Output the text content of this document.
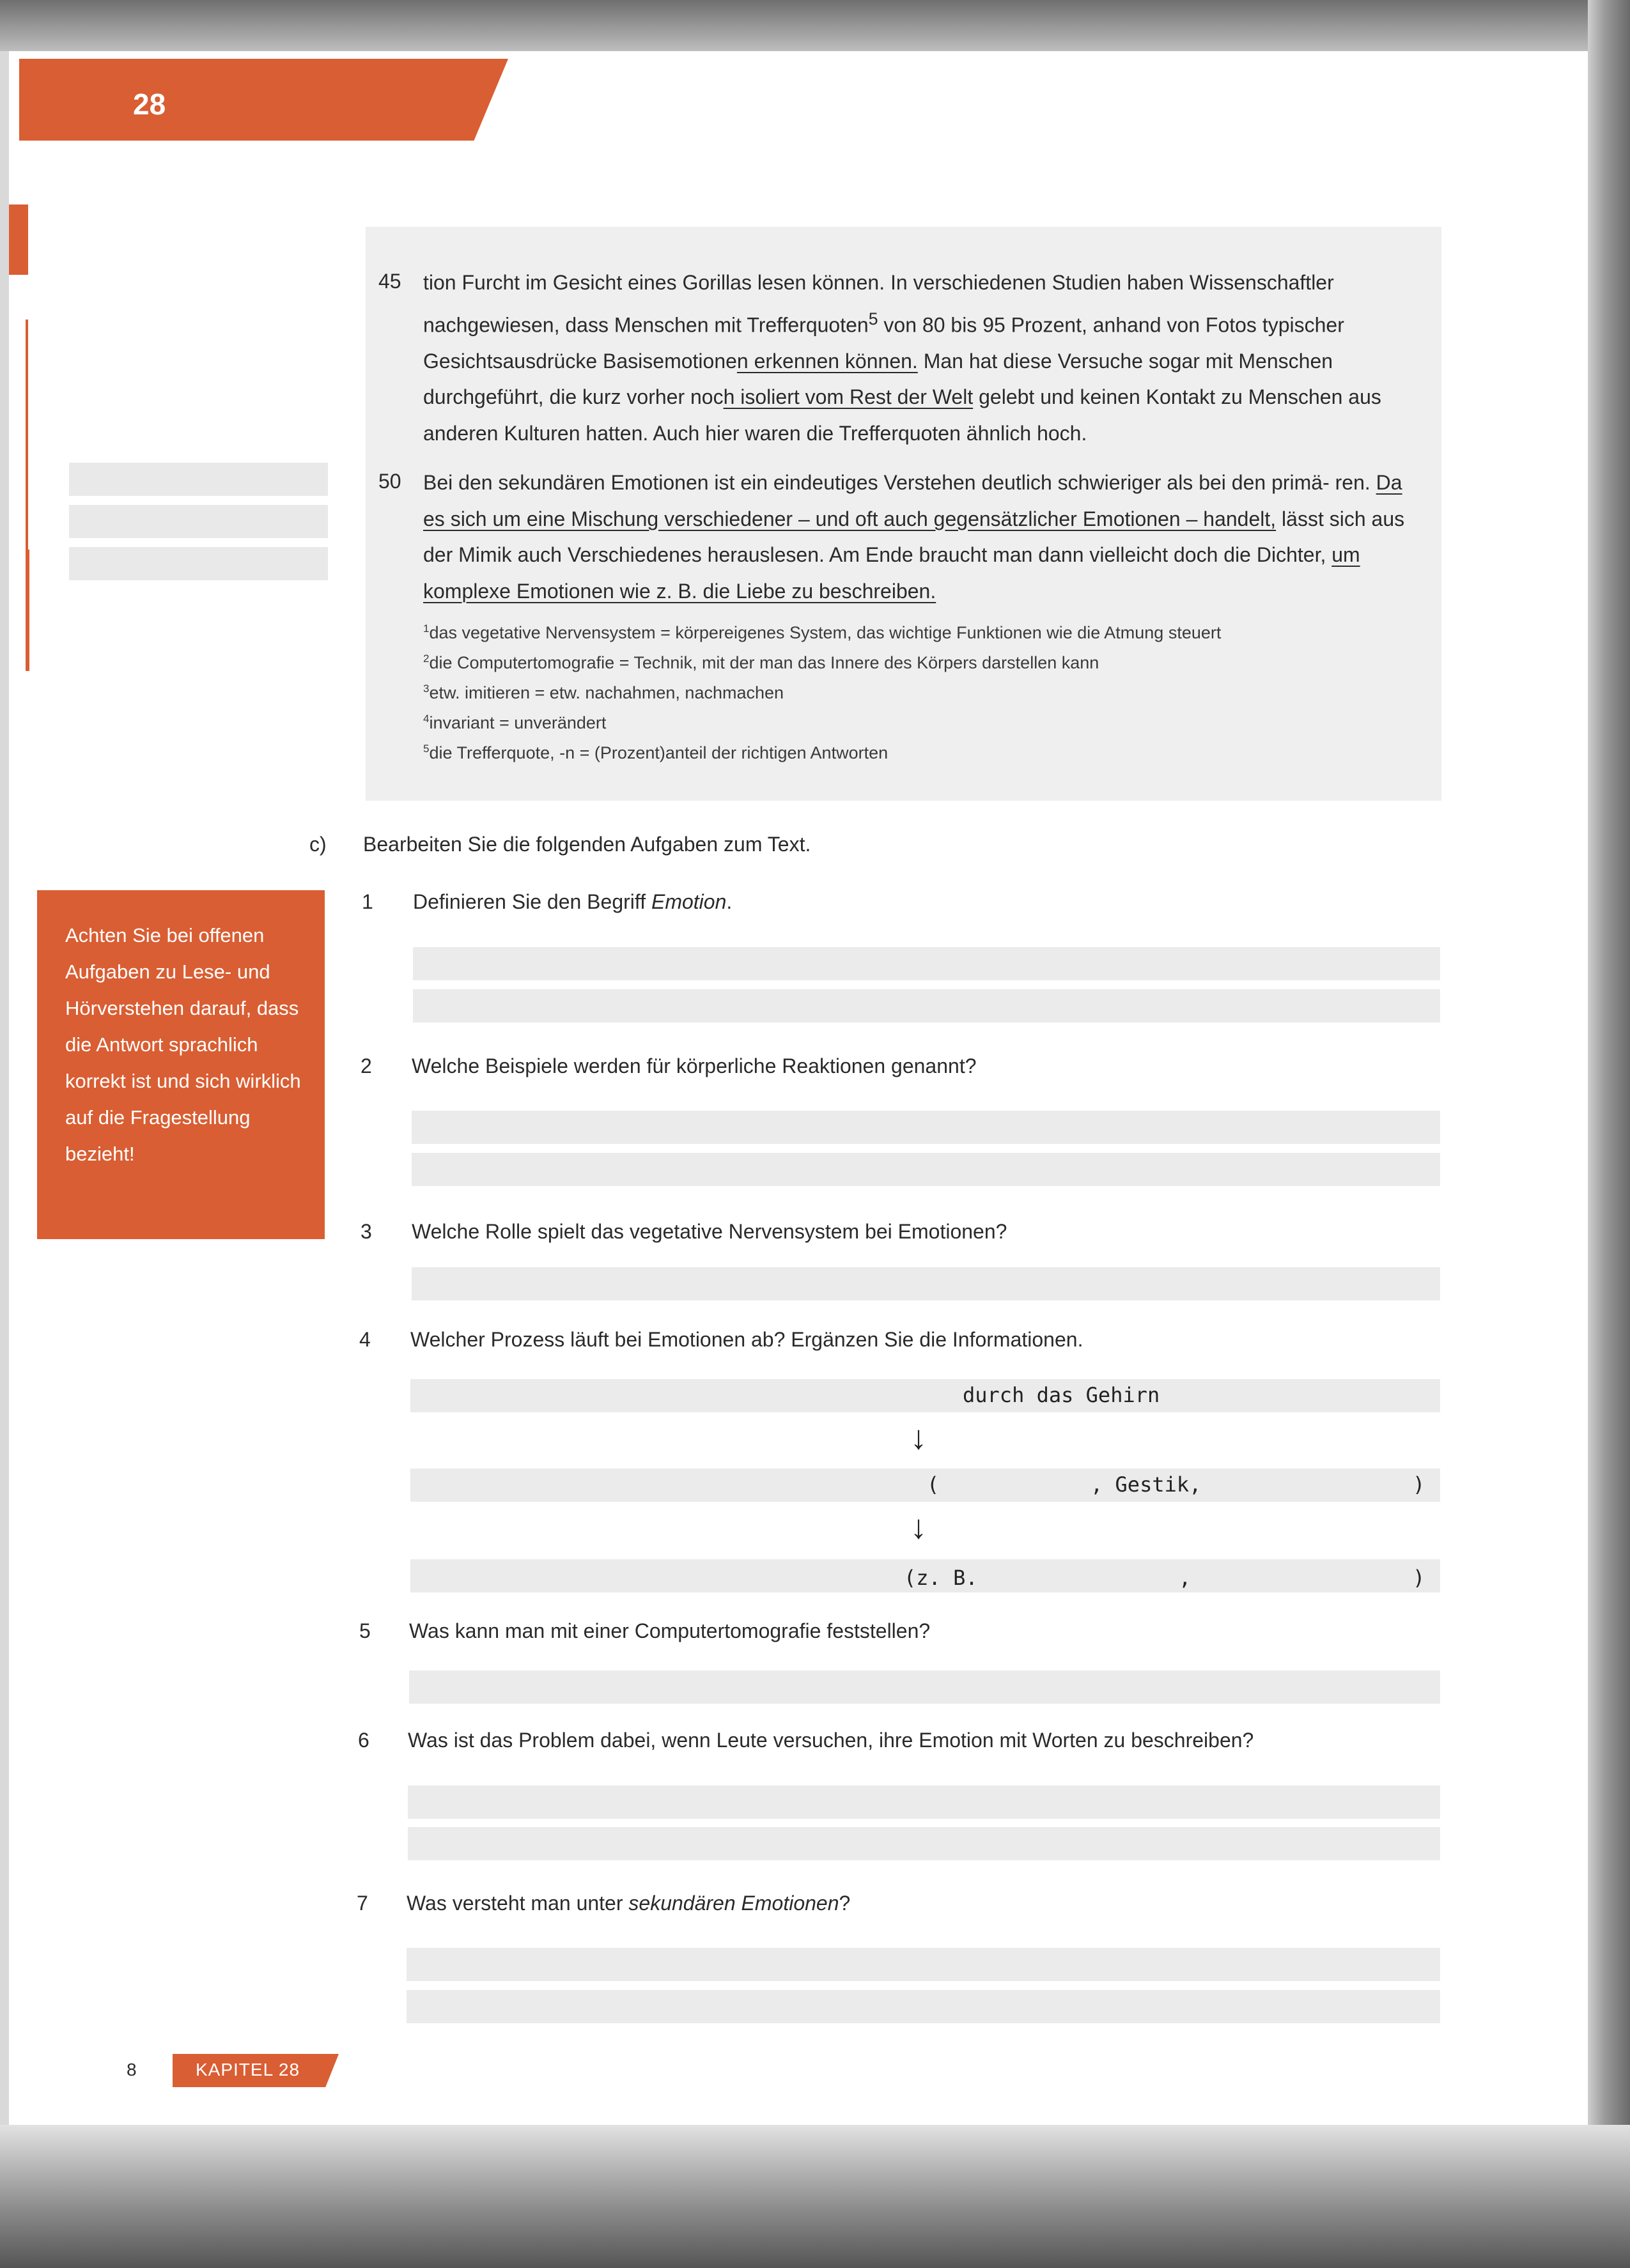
28
45 tion Furcht im Gesicht eines Gorillas lesen können. In verschiedenen Studien haben Wissenschaftler nachgewiesen, dass Menschen mit Trefferquoten$^5$ von 80 bis 95 Prozent, anhand von Fotos typischer Gesichtsausdrücke Basisemotionen erkennen können. Man hat diese Versuche sogar mit Menschen durchgeführt, die kurz vorher noch isoliert vom Rest der Welt gelebt und keinen Kontakt zu Menschen aus anderen Kulturen hatten. Auch hier waren die Trefferquoten ähnlich hoch.
50 Bei den sekundären Emotionen ist ein eindeutiges Verstehen deutlich schwieriger als bei den primä- ren. Da es sich um eine Mischung verschiedener – und oft auch gegensätzlicher Emotionen – handelt, lässt sich aus der Mimik auch Verschiedenes herauslesen. Am Ende braucht man dann vielleicht doch die Dichter, um komplexe Emotionen wie z. B. die Liebe zu beschreiben.
$^1$das vegetative Nervensystem = körpereigenes System, das wichtige Funktionen wie die Atmung steuert
$^2$die Computertomografie = Technik, mit der man das Innere des Körpers darstellen kann
$^3$etw. imitieren = etw. nachahmen, nachmachen
$^4$invariant = unverändert
$^5$die Trefferquote, -n = (Prozent)anteil der richtigen Antworten
Achten Sie bei offenen Aufgaben zu Lese- und Hörverstehen darauf, dass die Antwort sprachlich korrekt ist und sich wirklich auf die Fragestellung bezieht!
c) Bearbeiten Sie die folgenden Aufgaben zum Text.
1 Definieren Sie den Begriff Emotion.
2 Welche Beispiele werden für körperliche Reaktionen genannt?
3 Welche Rolle spielt das vegetative Nervensystem bei Emotionen?
4 Welcher Prozess läuft bei Emotionen ab? Ergänzen Sie die Informationen.
durch das Gehirn
↓
(	, Gestik,	)
↓
(z. B.	,	)
5 Was kann man mit einer Computertomografie feststellen?
6 Was ist das Problem dabei, wenn Leute versuchen, ihre Emotion mit Worten zu beschreiben?
7 Was versteht man unter sekundären Emotionen?
8	KAPITEL 28
